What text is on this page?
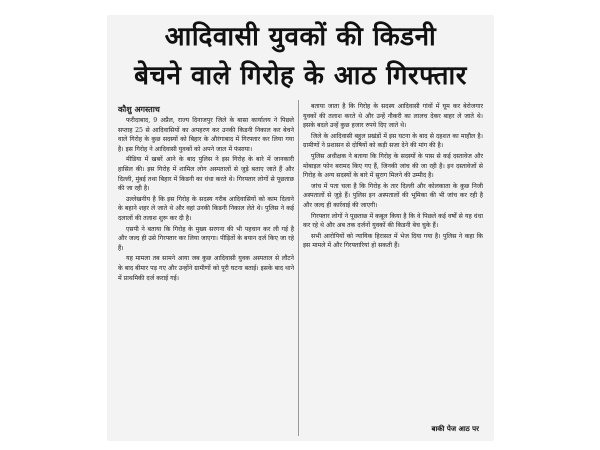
आदिवासी युवकों की किडनी
बेचने वाले गिरोह के आठ गिरफ्तार
कौशु अगस्ताच

फरीदाबाद, 9 अप्रैल, राज्य दिनाजपुर जिले के बासा कार्यालय ने पिछले सप्ताह 25 से आदिवासियों का अपहरण कर उनकी किडनी निकाल कर बेचने वाले गिरोह के कुछ सदस्यों को बिहार के औरंगाबाद में गिरफ्तार कर लिया गया है। इस गिरोह ने आदिवासी युवकों को अपने जाल में फंसाया।

मीडिया में खबरें आने के बाद पुलिस ने इस गिरोह के बारे में जानकारी हासिल की। इस गिरोह में शामिल लोग अस्पतालों से जुड़े बताए जाते हैं और दिल्ली, मुंबई तथा बिहार में किडनी का धंधा करते थे। गिरफ्तार लोगों से पूछताछ की जा रही है।

उल्लेखनीय है कि इस गिरोह के सदस्य गरीब आदिवासियों को काम दिलाने के बहाने शहर ले जाते थे और वहां उनकी किडनी निकाल लेते थे। पुलिस ने कई दलालों की तलाश शुरू कर दी है।

एसपी ने बताया कि गिरोह के मुख्य सरगना की भी पहचान कर ली गई है और जल्द ही उसे गिरफ्तार कर लिया जाएगा। पीड़ितों के बयान दर्ज किए जा रहे हैं।

यह मामला तब सामने आया जब कुछ आदिवासी युवक अस्पताल से लौटने के बाद बीमार पड़ गए और उन्होंने ग्रामीणों को पूरी घटना बताई। इसके बाद थाने में प्राथमिकी दर्ज कराई गई।

बताया जाता है कि गिरोह के सदस्य आदिवासी गांवों में घूम कर बेरोजगार युवकों की तलाश करते थे और उन्हें नौकरी का लालच देकर बाहर ले जाते थे। इसके बदले उन्हें कुछ हजार रुपये दिए जाते थे।

जिले के आदिवासी बहुल प्रखंडों में इस घटना के बाद से दहशत का माहौल है। ग्रामीणों ने प्रशासन से दोषियों को कड़ी सजा देने की मांग की है।

पुलिस अधीक्षक ने बताया कि गिरोह के सदस्यों के पास से कई दस्तावेज और मोबाइल फोन बरामद किए गए हैं, जिनकी जांच की जा रही है। इन दस्तावेजों से गिरोह के अन्य सदस्यों के बारे में सुराग मिलने की उम्मीद है।

जांच में पता चला है कि गिरोह के तार दिल्ली और कोलकाता के कुछ निजी अस्पतालों से जुड़े हैं। पुलिस इन अस्पतालों की भूमिका की भी जांच कर रही है और जल्द ही कार्रवाई की जाएगी।

गिरफ्तार लोगों ने पूछताछ में कबूल किया है कि वे पिछले कई वर्षों से यह धंधा कर रहे थे और अब तक दर्जनों युवकों की किडनी बेच चुके हैं।

सभी आरोपियों को न्यायिक हिरासत में भेज दिया गया है। पुलिस ने कहा कि इस मामले में और गिरफ्तारियां हो सकती हैं।

बाकी पेज आठ पर
